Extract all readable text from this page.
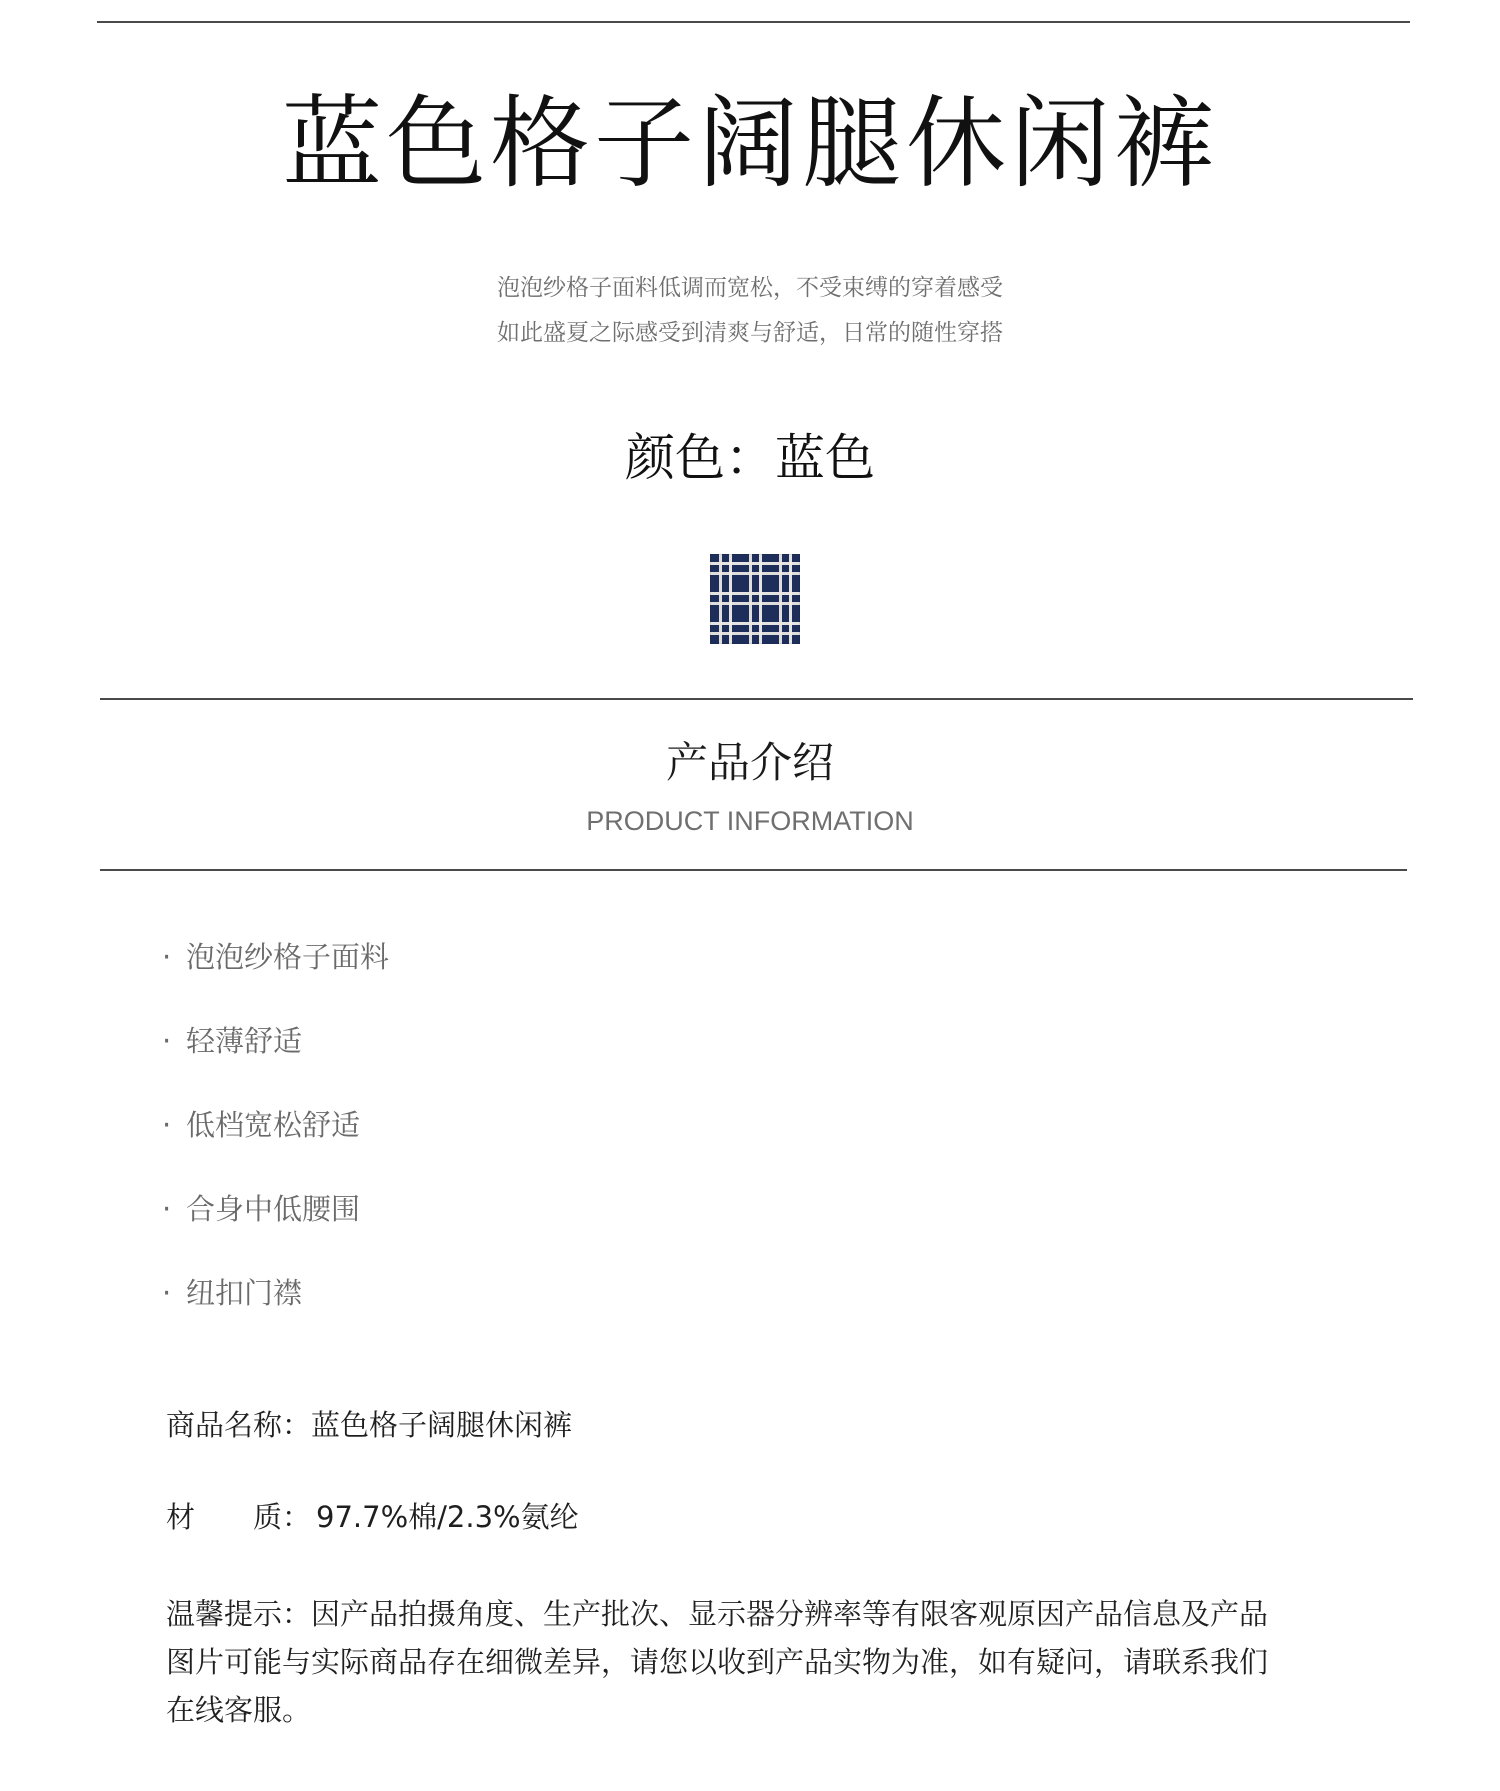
蓝色格子阔腿休闲裤
泡泡纱格子面料低调而宽松，不受束缚的穿着感受
如此盛夏之际感受到清爽与舒适，日常的随性穿搭
颜色：蓝色
产品介绍
PRODUCT INFORMATION
· 泡泡纱格子面料
· 轻薄舒适
· 低档宽松舒适
· 合身中低腰围
· 纽扣门襟
商品名称：蓝色格子阔腿休闲裤
材　　质： 97.7%棉/2.3%氨纶
温馨提示：因产品拍摄角度、生产批次、显示器分辨率等有限客观原因产品信息及产品图片可能与实际商品存在细微差异，请您以收到产品实物为准，如有疑问，请联系我们在线客服。
